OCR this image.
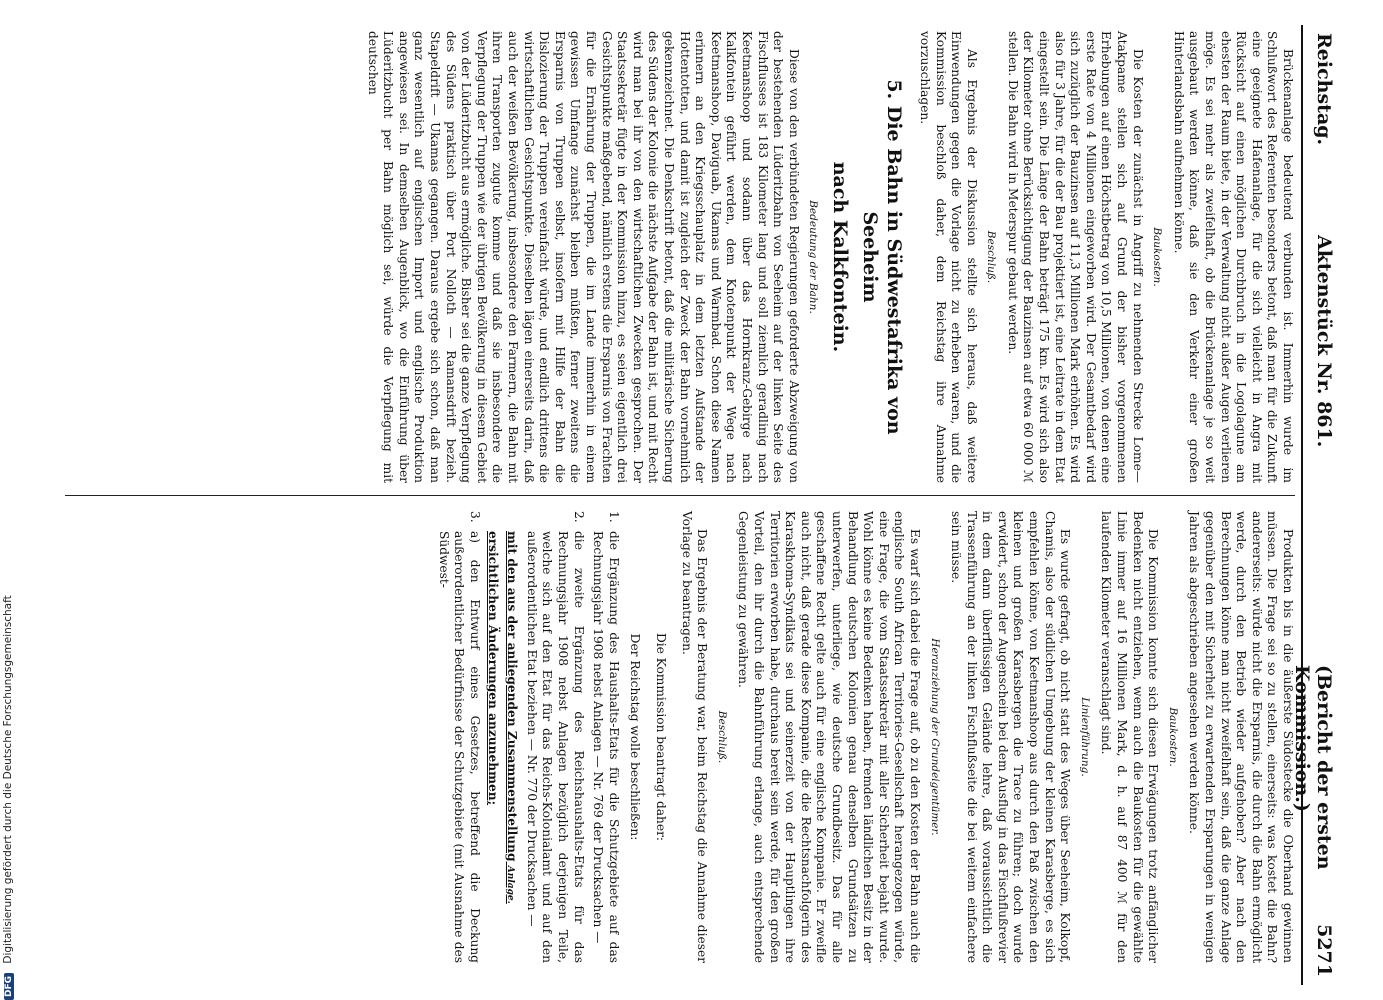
Reichstag.
Aktenstück Nr. 861.
(Bericht der ersten Kommission.)
5271

Brückenanlage bedeutend verbunden ist. Immerhin wurde im Schlußwort des Referenten besonders betont, daß man für die Zukunft eine geeignete Hafenanlage, für die sich vielleicht in Angra mit Rücksicht auf einen möglichen Durchbruch in die Logolagune am ehesten der Raum biete, in der Verwaltung nicht außer Augen verlieren möge. Es sei mehr als zweifelhaft, ob die Brückenanlage je so weit ausgebaut werden könne, daß sie den Verkehr einer großen Hinterlandsbahn aufnehmen könne.

Baukosten.

Die Kosten der zunächst in Angriff zu nehmenden Strecke Lome—Atakpame stellen sich auf Grund der bisher vorgenommenen Erhebungen auf einen Höchstbetrag von 10,5 Millionen, von denen eine erste Rate von 4 Millionen eingeworben wird. Der Gesamtbedarf wird sich zuzüglich der Bauzinsen auf 11,3 Millionen Mark erhöhen. Es wird also für 3 Jahre, für die der Bau projektiert ist, eine Leitrate in dem Etat eingestellt sein. Die Länge der Bahn beträgt 175 km. Es wird sich also der Kilometer ohne Berücksichtigung der Bauzinsen auf etwa 60 000 ℳ stellen. Die Bahn wird in Meterspur gebaut werden.

Beschluß.

Als Ergebnis der Diskussion stellte sich heraus, daß weitere Einwendungen gegen die Vorlage nicht zu erheben waren, und die Kommission beschloß daher, dem Reichstag ihre Annahme vorzuschlagen.

5. Die Bahn in Südwestafrika von Seeheim
nach Kalkfontein.
Bedeutung der Bahn.

Diese von den verbündeten Regierungen geforderte Abzweigung von der bestehenden Lüderitzbahn von Seeheim auf der linken Seite des Fischflusses ist 183 Kilometer lang und soll ziemlich geradlinig nach Keetmanshoop und sodann über das Hornkranz-Gebirge nach Kalkfontein geführt werden, dem Knotenpunkt der Wege nach Keetmanshoop, Daviguab, Ukamas und Warmbad. Schon diese Namen erinnern an den Kriegsschauplatz in dem letzten Aufstande der Hottentotten, und damit ist zugleich der Zweck der Bahn vornehmlich gekennzeichnet. Die Denkschrift betont, daß die militärische Sicherung des Südens der Kolonie die nächste Aufgabe der Bahn ist, und mit Recht wird man bei ihr von den wirtschaftlichen Zwecken gesprochen. Der Staatssekretär fügte in der Kommission hinzu, es seien eigentlich drei Gesichtspunkte maßgebend, nämlich erstens die Ersparnis von Frachten für die Ernährung der Truppen, die im Lande immerhin in einem gewissen Umfange zunächst bleiben müßten, ferner zweitens die Ersparnis von Truppen selbst, insofern mit Hilfe der Bahn die Dislozierung der Truppen vereinfacht würde, und endlich drittens die wirtschaftlichen Gesichtspunkte. Dieselben lägen einerseits darin, daß auch der weißen Bevölkerung, insbesondere den Farmern, die Bahn mit ihren Transporten zugute komme und daß sie insbesondere die Verpflegung der Truppen wie der übrigen Bevölkerung in diesem Gebiet von der Lüderitzbucht aus ermögliche. Bisher sei die ganze Verpflegung des Südens praktisch über Port Nolloth — Ramansdrift bezieh. Stapeldrift — Ukamas gegangen. Daraus ergebe sich schon, daß man ganz wesentlich auf englischen Import und englische Produktion angewiesen sei. In demselben Augenblick, wo die Einführung über Lüderitzbucht per Bahn möglich sei, würde die Verpflegung mit deutschen

Produkten bis in die äußerste Südostecke die Oberhand gewinnen müssen. Die Frage sei so zu stellen, einerseits: was kostet die Bahn? andererseits: würde nicht die Ersparnis, die durch die Bahn ermöglicht werde, durch den Betrieb wieder aufgehoben? Aber nach den Berechnungen könne man nicht zweifelhaft sein, daß die ganze Anlage gegenüber den mit Sicherheit zu erwartenden Ersparungen in wenigen Jahren als abgeschrieben angesehen werden könne.

Baukosten.

Die Kommission konnte sich diesen Erwägungen trotz anfänglicher Bedenken nicht entziehen, wenn auch die Baukosten für die gewählte Linie immer auf 16 Millionen Mark, d. h. auf 87 400 ℳ für den laufenden Kilometer veranschlagt sind.

Linienführung.

Es wurde gefragt, ob nicht statt des Weges über Seeheim, Kolkopf, Chamis, also der südlichen Umgebung der kleinen Karasberge, es sich empfehlen könne, von Keetmanshoop aus durch den Paß zwischen den kleinen und großen Karasbergen die Trace zu führen; doch wurde erwidert, schon der Augenschein bei dem Ausflug in das Fischflußrevier in dem dann überflüssigen Gelände lehre, daß voraussichtlich die Trassenführung an der linken Fischflußseite die bei weitem einfachere sein müsse.

Heranziehung der Grundeigentümer.

Es warf sich dabei die Frage auf, ob zu den Kosten der Bahn auch die englische South African Territories-Gesellschaft herangezogen würde, eine Frage, die vom Staatssekretär mit aller Sicherheit bejaht wurde. Wohl könne es keine Bedenken haben, fremden ländlichen Besitz in der Behandlung deutschen Kolonien genau denselben Grundsätzen zu unterwerfen, unterliege, wie deutsche Grundbesitz. Das für alle geschaffene Recht gelte auch für eine englische Kompanie. Er zweifle auch nicht, daß gerade diese Kompanie, die die Rechtsnachfolgerin des Karaskhoma-Syndikats sei und seinerzeit von der Hauptlingen ihre Territorien erworben habe, durchaus bereit sein werde, für den großen Vorteil, den ihr durch die Bahnführung erlange, auch entsprechende Gegenleistung zu gewähren.

Beschluß.

Das Ergebnis der Beratung war, beim Reichstag die Annahme dieser Vorlage zu beantragen.

Die Kommission beantragt daher:
Der Reichstag wolle beschließen:
1.
die Ergänzung des Haushalts-Etats für die Schutzgebiete auf das Rechnungsjahr 1908 nebst Anlagen — Nr. 769 der Drucksachen —
2.
die zweite Ergänzung des Reichshaushalts-Etats für das Rechnungsjahr 1908 nebst Anlagen bezüglich derjenigen Teile, welche sich auf den Etat für das Reichs-Kolonialamt und auf den außerordentlichen Etat beziehen — Nr. 770 der Drucksachen —
mit den aus der anliegenden Zusammenstellung Anlage.
ersichtlichen Änderungen anzunehmen;
3.
a) den Entwurf eines Gesetzes, betreffend die Deckung außerordentlicher Bedürfnisse der Schutzgebiete (mit Ausnahme des Südwest-
DFG Digitalisierung gefördert durch die Deutsche Forschungsgemeinschaft
